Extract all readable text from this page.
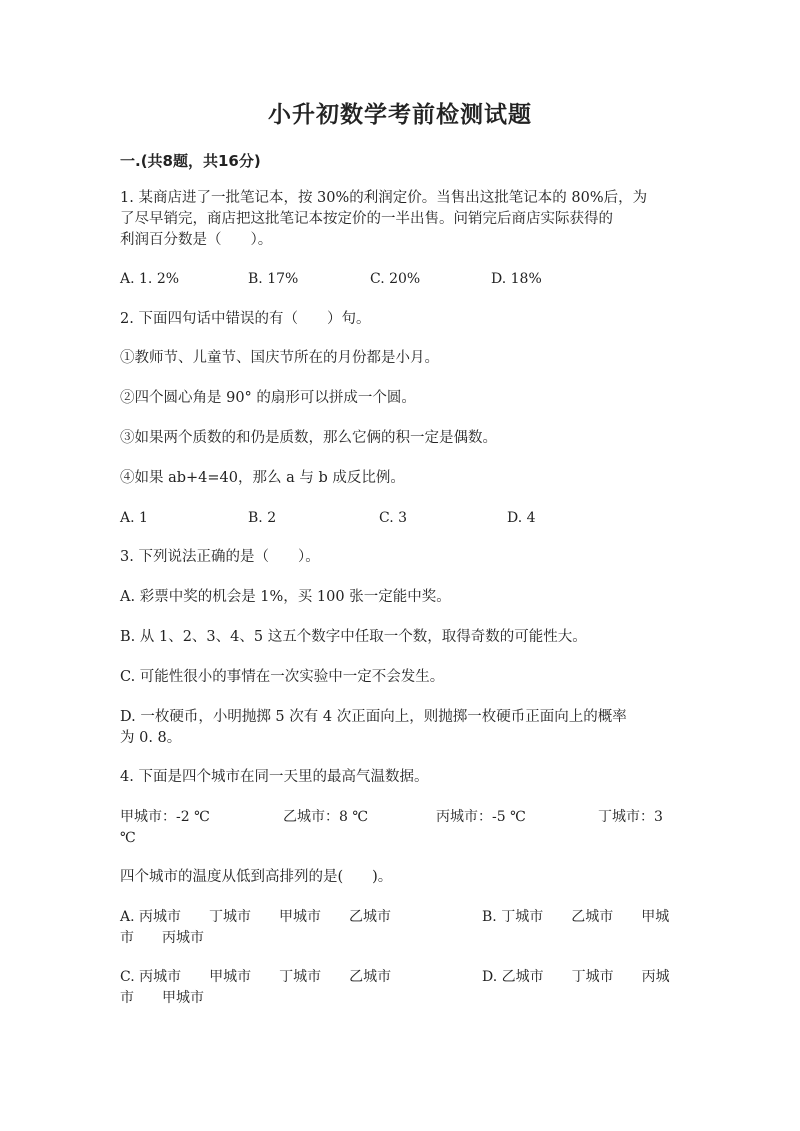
小升初数学考前检测试题
一.(共8题，共16分)
1. 某商店进了一批笔记本，按 30%的利润定价。当售出这批笔记本的 80%后，为
了尽早销完，商店把这批笔记本按定价的一半出售。问销完后商店实际获得的
利润百分数是（　　）。
A. 1. 2%	B. 17%	C. 20%	D. 18%
2. 下面四句话中错误的有（　　）句。
①教师节、儿童节、国庆节所在的月份都是小月。
②四个圆心角是 90° 的扇形可以拼成一个圆。
③如果两个质数的和仍是质数，那么它俩的积一定是偶数。
④如果 ab+4=40，那么 a 与 b 成反比例。
A. 1	B. 2	C. 3	D. 4
3. 下列说法正确的是（　　）。
A. 彩票中奖的机会是 1%，买 100 张一定能中奖。
B. 从 1、2、3、4、5 这五个数字中任取一个数，取得奇数的可能性大。
C. 可能性很小的事情在一次实验中一定不会发生。
D. 一枚硬币，小明抛掷 5 次有 4 次正面向上，则抛掷一枚硬币正面向上的概率
为 0. 8。
4. 下面是四个城市在同一天里的最高气温数据。
甲城市：-2 ℃	乙城市：8 ℃	丙城市：-5 ℃	丁城市：3
℃
四个城市的温度从低到高排列的是(　　)。
A. 丙城市　　丁城市　　甲城市　　乙城市	B. 丁城市　　乙城市　　甲城
市　　丙城市
C. 丙城市　　甲城市　　丁城市　　乙城市	D. 乙城市　　丁城市　　丙城
市　　甲城市
